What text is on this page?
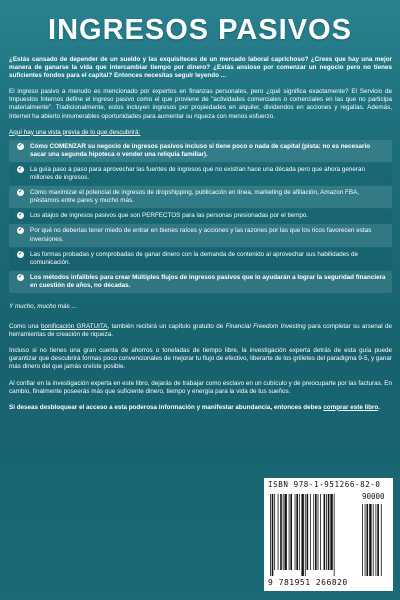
INGRESOS PASIVOS

¿Estás cansado de depender de un sueldo y las exquisiteces de un mercado laboral caprichoso? ¿Crees que hay una mejor manera de ganarse la vida que intercambiar tiempo por dinero? ¿Estás ansioso por comenzar un negocio pero no tienes suficientes fondos para el capital? Entonces necesitas seguir leyendo ...

El ingreso pasivo a menudo es mencionado por expertos en finanzas personales, pero ¿qué significa exactamente? El Servicio de Impuestos Internos define el ingreso pasivo como el que proviene de "actividades comerciales o comerciales en las que no participa materialmente". Tradicionalmente, estos incluyen ingresos por propiedades en alquiler, dividendos en acciones y regalías. Además, Internet ha abierto innumerables oportunidades para aumentar su riqueza con menos esfuerzo.

Aquí hay una vista previa de lo que descubrirá:

✓ Cómo COMENZAR su negocio de ingresos pasivos incluso si tiene poco o nada de capital (pista: no es necesario sacar una segunda hipoteca o vender una reliquia familiar).
✓ La guía paso a paso para aprovechar las fuentes de ingresos que no existían hace una década pero que ahora generan millones de ingresos.
✓ Cómo maximizar el potencial de ingresos de dropshipping, publicación en línea, marketing de afiliación, Amazon FBA, préstamos entre pares y mucho más.
✓ Los atajos de ingresos pasivos que son PERFECTOS para las personas presionadas por el tiempo.
✓ Por qué no deberías tener miedo de entrar en bienes raíces y acciones y las razones por las que los ricos favorecen estas inversiones.
✓ Las formas probadas y comprobadas de ganar dinero con la demanda de contenido al aprovechar sus habilidades de comunicación.
✓ Los métodos infalibles para crear Múltiples flujos de ingresos pasivos que lo ayudarán a lograr la seguridad financiera en cuestión de años, no décadas.

Y mucho, mucho más ...

Como una bonificación GRATUITA, también recibirá un capítulo gratuito de Financial Freedom Investing para completar su arsenal de herramientas de creación de riqueza.

Incluso si no tienes una gran cuenta de ahorros o toneladas de tiempo libre, la investigación experta detrás de esta guía puede garantizar que descubrirá formas poco convencionales de mejorar tu flujo de efectivo, liberarte de los grilletes del paradigma 9-5, y ganar más dinero del que jamás creíste posible.

Al confiar en la investigación experta en este libro, dejarás de trabajar como esclavo en un cubículo y de preocuparte por las facturas. En cambio, finalmente poseerás más que suficiente dinero, tiempo y energía para la vida de tus sueños.

Si deseas desbloquear el acceso a esta poderosa información y manifestar abundancia, entonces debes comprar este libro.

ISBN 978-1-951266-82-0
90000
9 781951 266820
